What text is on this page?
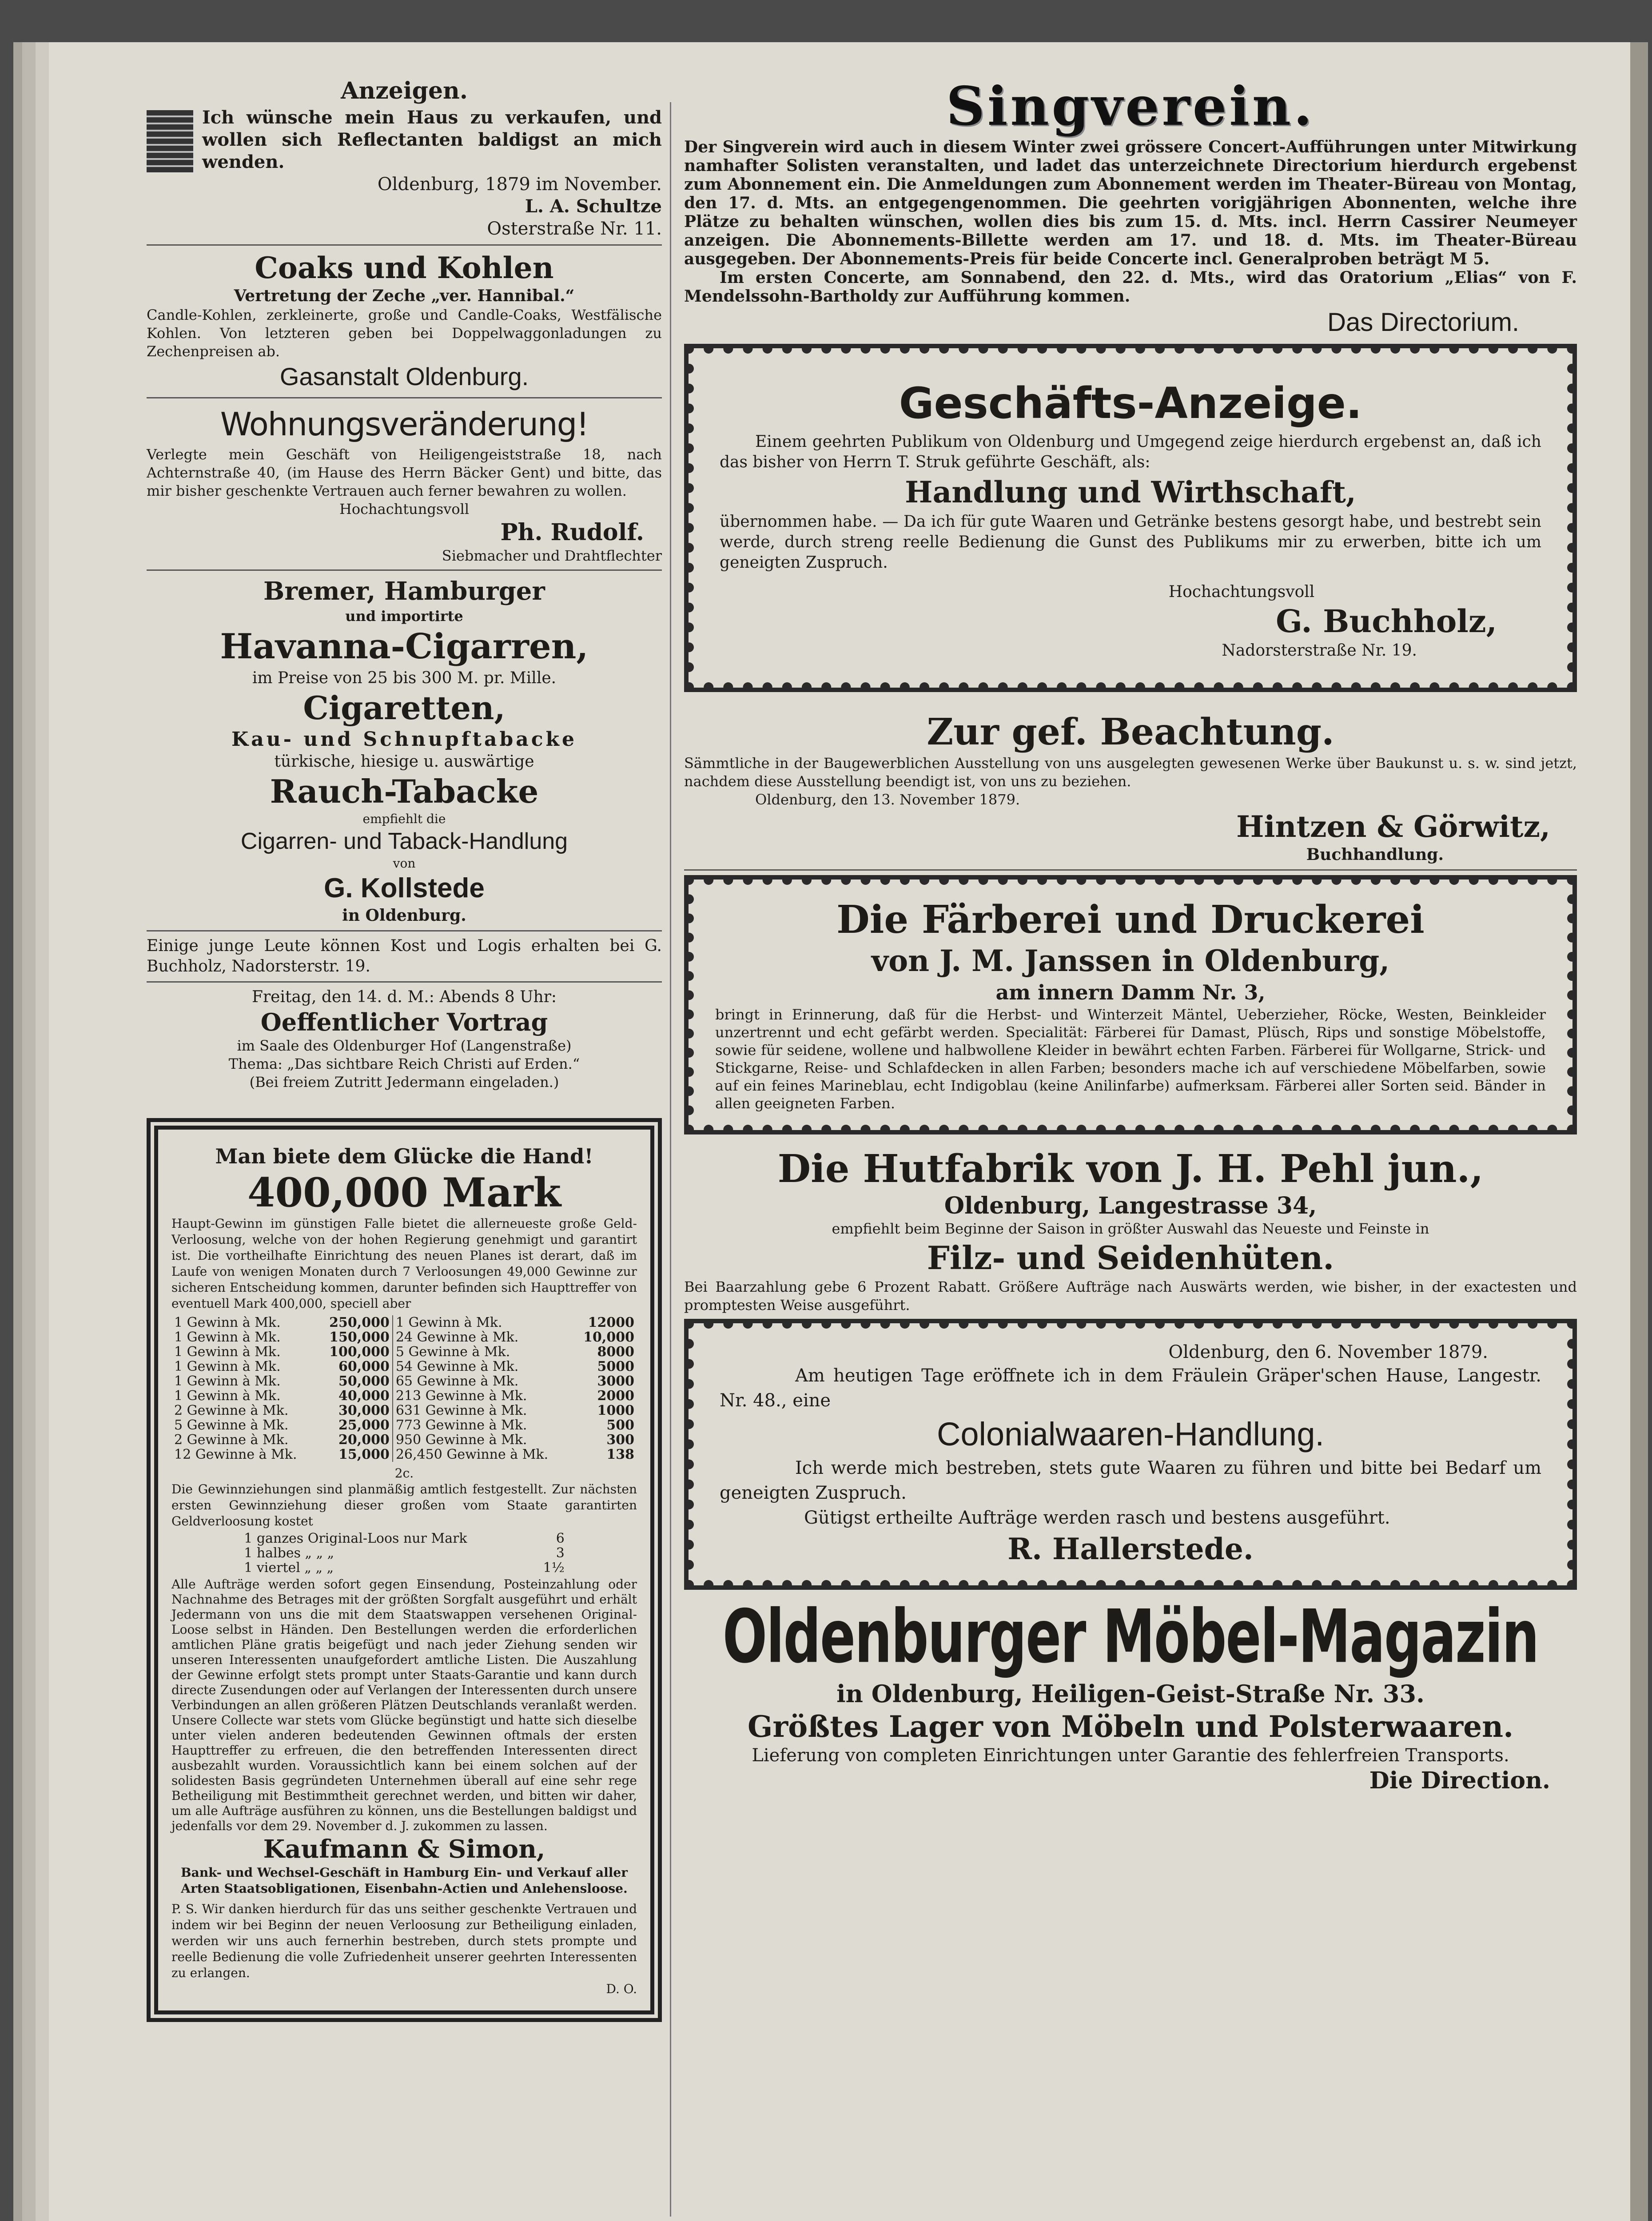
Anzeigen.

Ich wünsche mein Haus zu verkaufen, und wollen sich Reflectanten baldigst an mich wenden.

Oldenburg, 1879 im November.

L. A. Schultze

Osterstraße Nr. 11.

Coaks und Kohlen

Vertretung der Zeche „ver. Hannibal.“

Candle-Kohlen, zerkleinerte, große und Candle-Coaks, Westfälische Kohlen. Von letzteren geben bei Doppelwaggonladungen zu Zechenpreisen ab.

Gasanstalt Oldenburg.

Wohnungsveränderung!

Verlegte mein Geschäft von Heiligengeiststraße 18, nach Achternstraße 40, (im Hause des Herrn Bäcker Gent) und bitte, das mir bisher geschenkte Vertrauen auch ferner bewahren zu wollen.

Hochachtungsvoll

Ph. Rudolf.

Siebmacher und Drahtflechter

Bremer, Hamburger

und importirte

Havanna-Cigarren,

im Preise von 25 bis 300 M. pr. Mille.

Cigaretten,

Kau- und Schnupftabacke

türkische, hiesige u. auswärtige

Rauch-Tabacke

empfiehlt die

Cigarren- und Taback-Handlung

von

G. Kollstede

in Oldenburg.

Einige junge Leute können Kost und Logis erhalten bei G. Buchholz, Nadorsterstr. 19.

Freitag, den 14. d. M.: Abends 8 Uhr:

Oeffentlicher Vortrag

im Saale des Oldenburger Hof (Langenstraße)

Thema: „Das sichtbare Reich Christi auf Erden.“

(Bei freiem Zutritt Jedermann eingeladen.)

Man biete dem Glücke die Hand!

400,000 Mark

Haupt-Gewinn im günstigen Falle bietet die allerneueste große Geld-Verloosung, welche von der hohen Regierung genehmigt und garantirt ist. Die vortheilhafte Einrichtung des neuen Planes ist derart, daß im Laufe von wenigen Monaten durch 7 Verloosungen 49,000 Gewinne zur sicheren Entscheidung kommen, darunter befinden sich Haupttreffer von eventuell Mark 400,000, speciell aber

1 Gewinn à Mk.	250,000	1 Gewinn à Mk.	12000
1 Gewinn à Mk.	150,000	24 Gewinne à Mk.	10,000
1 Gewinn à Mk.	100,000	5 Gewinne à Mk.	8000
1 Gewinn à Mk.	60,000	54 Gewinne à Mk.	5000
1 Gewinn à Mk.	50,000	65 Gewinne à Mk.	3000
1 Gewinn à Mk.	40,000	213 Gewinne à Mk.	2000
2 Gewinne à Mk.	30,000	631 Gewinne à Mk.	1000
5 Gewinne à Mk.	25,000	773 Gewinne à Mk.	500
2 Gewinne à Mk.	20,000	950 Gewinne à Mk.	300
12 Gewinne à Mk.	15,000	26,450 Gewinne à Mk.	138

2c.

Die Gewinnziehungen sind planmäßig amtlich festgestellt. Zur nächsten ersten Gewinnziehung dieser großen vom Staate garantirten Geldverloosung kostet

1 ganzes Original-Loos nur Mark	6
1 halbes „ „ „	3
1 viertel „ „ „	1½

Alle Aufträge werden sofort gegen Einsendung, Posteinzahlung oder Nachnahme des Betrages mit der größten Sorgfalt ausgeführt und erhält Jedermann von uns die mit dem Staatswappen versehenen Original-Loose selbst in Händen. Den Bestellungen werden die erforderlichen amtlichen Pläne gratis beigefügt und nach jeder Ziehung senden wir unseren Interessenten unaufgefordert amtliche Listen. Die Auszahlung der Gewinne erfolgt stets prompt unter Staats-Garantie und kann durch directe Zusendungen oder auf Verlangen der Interessenten durch unsere Verbindungen an allen größeren Plätzen Deutschlands veranlaßt werden. Unsere Collecte war stets vom Glücke begünstigt und hatte sich dieselbe unter vielen anderen bedeutenden Gewinnen oftmals der ersten Haupttreffer zu erfreuen, die den betreffenden Interessenten direct ausbezahlt wurden. Voraussichtlich kann bei einem solchen auf der solidesten Basis gegründeten Unternehmen überall auf eine sehr rege Betheiligung mit Bestimmtheit gerechnet werden, und bitten wir daher, um alle Aufträge ausführen zu können, uns die Bestellungen baldigst und jedenfalls vor dem 29. November d. J. zukommen zu lassen.

Kaufmann & Simon,

Bank- und Wechsel-Geschäft in Hamburg Ein- und Verkauf aller Arten Staatsobligationen, Eisenbahn-Actien und Anlehensloose.

P. S. Wir danken hierdurch für das uns seither geschenkte Vertrauen und indem wir bei Beginn der neuen Verloosung zur Betheiligung einladen, werden wir uns auch fernerhin bestreben, durch stets prompte und reelle Bedienung die volle Zufriedenheit unserer geehrten Interessenten zu erlangen.

D. O.

Singverein.

Der Singverein wird auch in diesem Winter zwei grössere Concert-Aufführungen unter Mitwirkung namhafter Solisten veranstalten, und ladet das unterzeichnete Directorium hierdurch ergebenst zum Abonnement ein. Die Anmeldungen zum Abonnement werden im Theater-Büreau von Montag, den 17. d. Mts. an entgegengenommen. Die geehrten vorigjährigen Abonnenten, welche ihre Plätze zu behalten wünschen, wollen dies bis zum 15. d. Mts. incl. Herrn Cassirer Neumeyer anzeigen. Die Abonnements-Billette werden am 17. und 18. d. Mts. im Theater-Büreau ausgegeben. Der Abonnements-Preis für beide Concerte incl. Generalproben beträgt M 5.

Im ersten Concerte, am Sonnabend, den 22. d. Mts., wird das Oratorium „Elias“ von F. Mendelssohn-Bartholdy zur Aufführung kommen.

Das Directorium.

Geschäfts-Anzeige.

Einem geehrten Publikum von Oldenburg und Umgegend zeige hierdurch ergebenst an, daß ich das bisher von Herrn T. Struk geführte Geschäft, als:

Handlung und Wirthschaft,

übernommen habe. — Da ich für gute Waaren und Getränke bestens gesorgt habe, und bestrebt sein werde, durch streng reelle Bedienung die Gunst des Publikums mir zu erwerben, bitte ich um geneigten Zuspruch.

Hochachtungsvoll

G. Buchholz,

Nadorsterstraße Nr. 19.

Zur gef. Beachtung.

Sämmtliche in der Baugewerblichen Ausstellung von uns ausgelegten gewesenen Werke über Baukunst u. s. w. sind jetzt, nachdem diese Ausstellung beendigt ist, von uns zu beziehen.

Oldenburg, den 13. November 1879.

Hintzen & Görwitz,

Buchhandlung.

Die Färberei und Druckerei

von J. M. Janssen in Oldenburg,

am innern Damm Nr. 3,

bringt in Erinnerung, daß für die Herbst- und Winterzeit Mäntel, Ueberzieher, Röcke, Westen, Beinkleider unzertrennt und echt gefärbt werden. Specialität: Färberei für Damast, Plüsch, Rips und sonstige Möbelstoffe, sowie für seidene, wollene und halbwollene Kleider in bewährt echten Farben. Färberei für Wollgarne, Strick- und Stickgarne, Reise- und Schlafdecken in allen Farben; besonders mache ich auf verschiedene Möbelfarben, sowie auf ein feines Marineblau, echt Indigoblau (keine Anilinfarbe) aufmerksam. Färberei aller Sorten seid. Bänder in allen geeigneten Farben.

Die Hutfabrik von J. H. Pehl jun.,

Oldenburg, Langestrasse 34,

empfiehlt beim Beginne der Saison in größter Auswahl das Neueste und Feinste in

Filz- und Seidenhüten.

Bei Baarzahlung gebe 6 Prozent Rabatt. Größere Aufträge nach Auswärts werden, wie bisher, in der exactesten und promptesten Weise ausgeführt.

Oldenburg, den 6. November 1879.

Am heutigen Tage eröffnete ich in dem Fräulein Gräper'schen Hause, Langestr. Nr. 48., eine

Colonialwaaren-Handlung.

Ich werde mich bestreben, stets gute Waaren zu führen und bitte bei Bedarf um geneigten Zuspruch.

Gütigst ertheilte Aufträge werden rasch und bestens ausgeführt.

R. Hallerstede.

Oldenburger Möbel-Magazin

in Oldenburg, Heiligen-Geist-Straße Nr. 33.

Größtes Lager von Möbeln und Polsterwaaren.

Lieferung von completen Einrichtungen unter Garantie des fehlerfreien Transports.

Die Direction.
